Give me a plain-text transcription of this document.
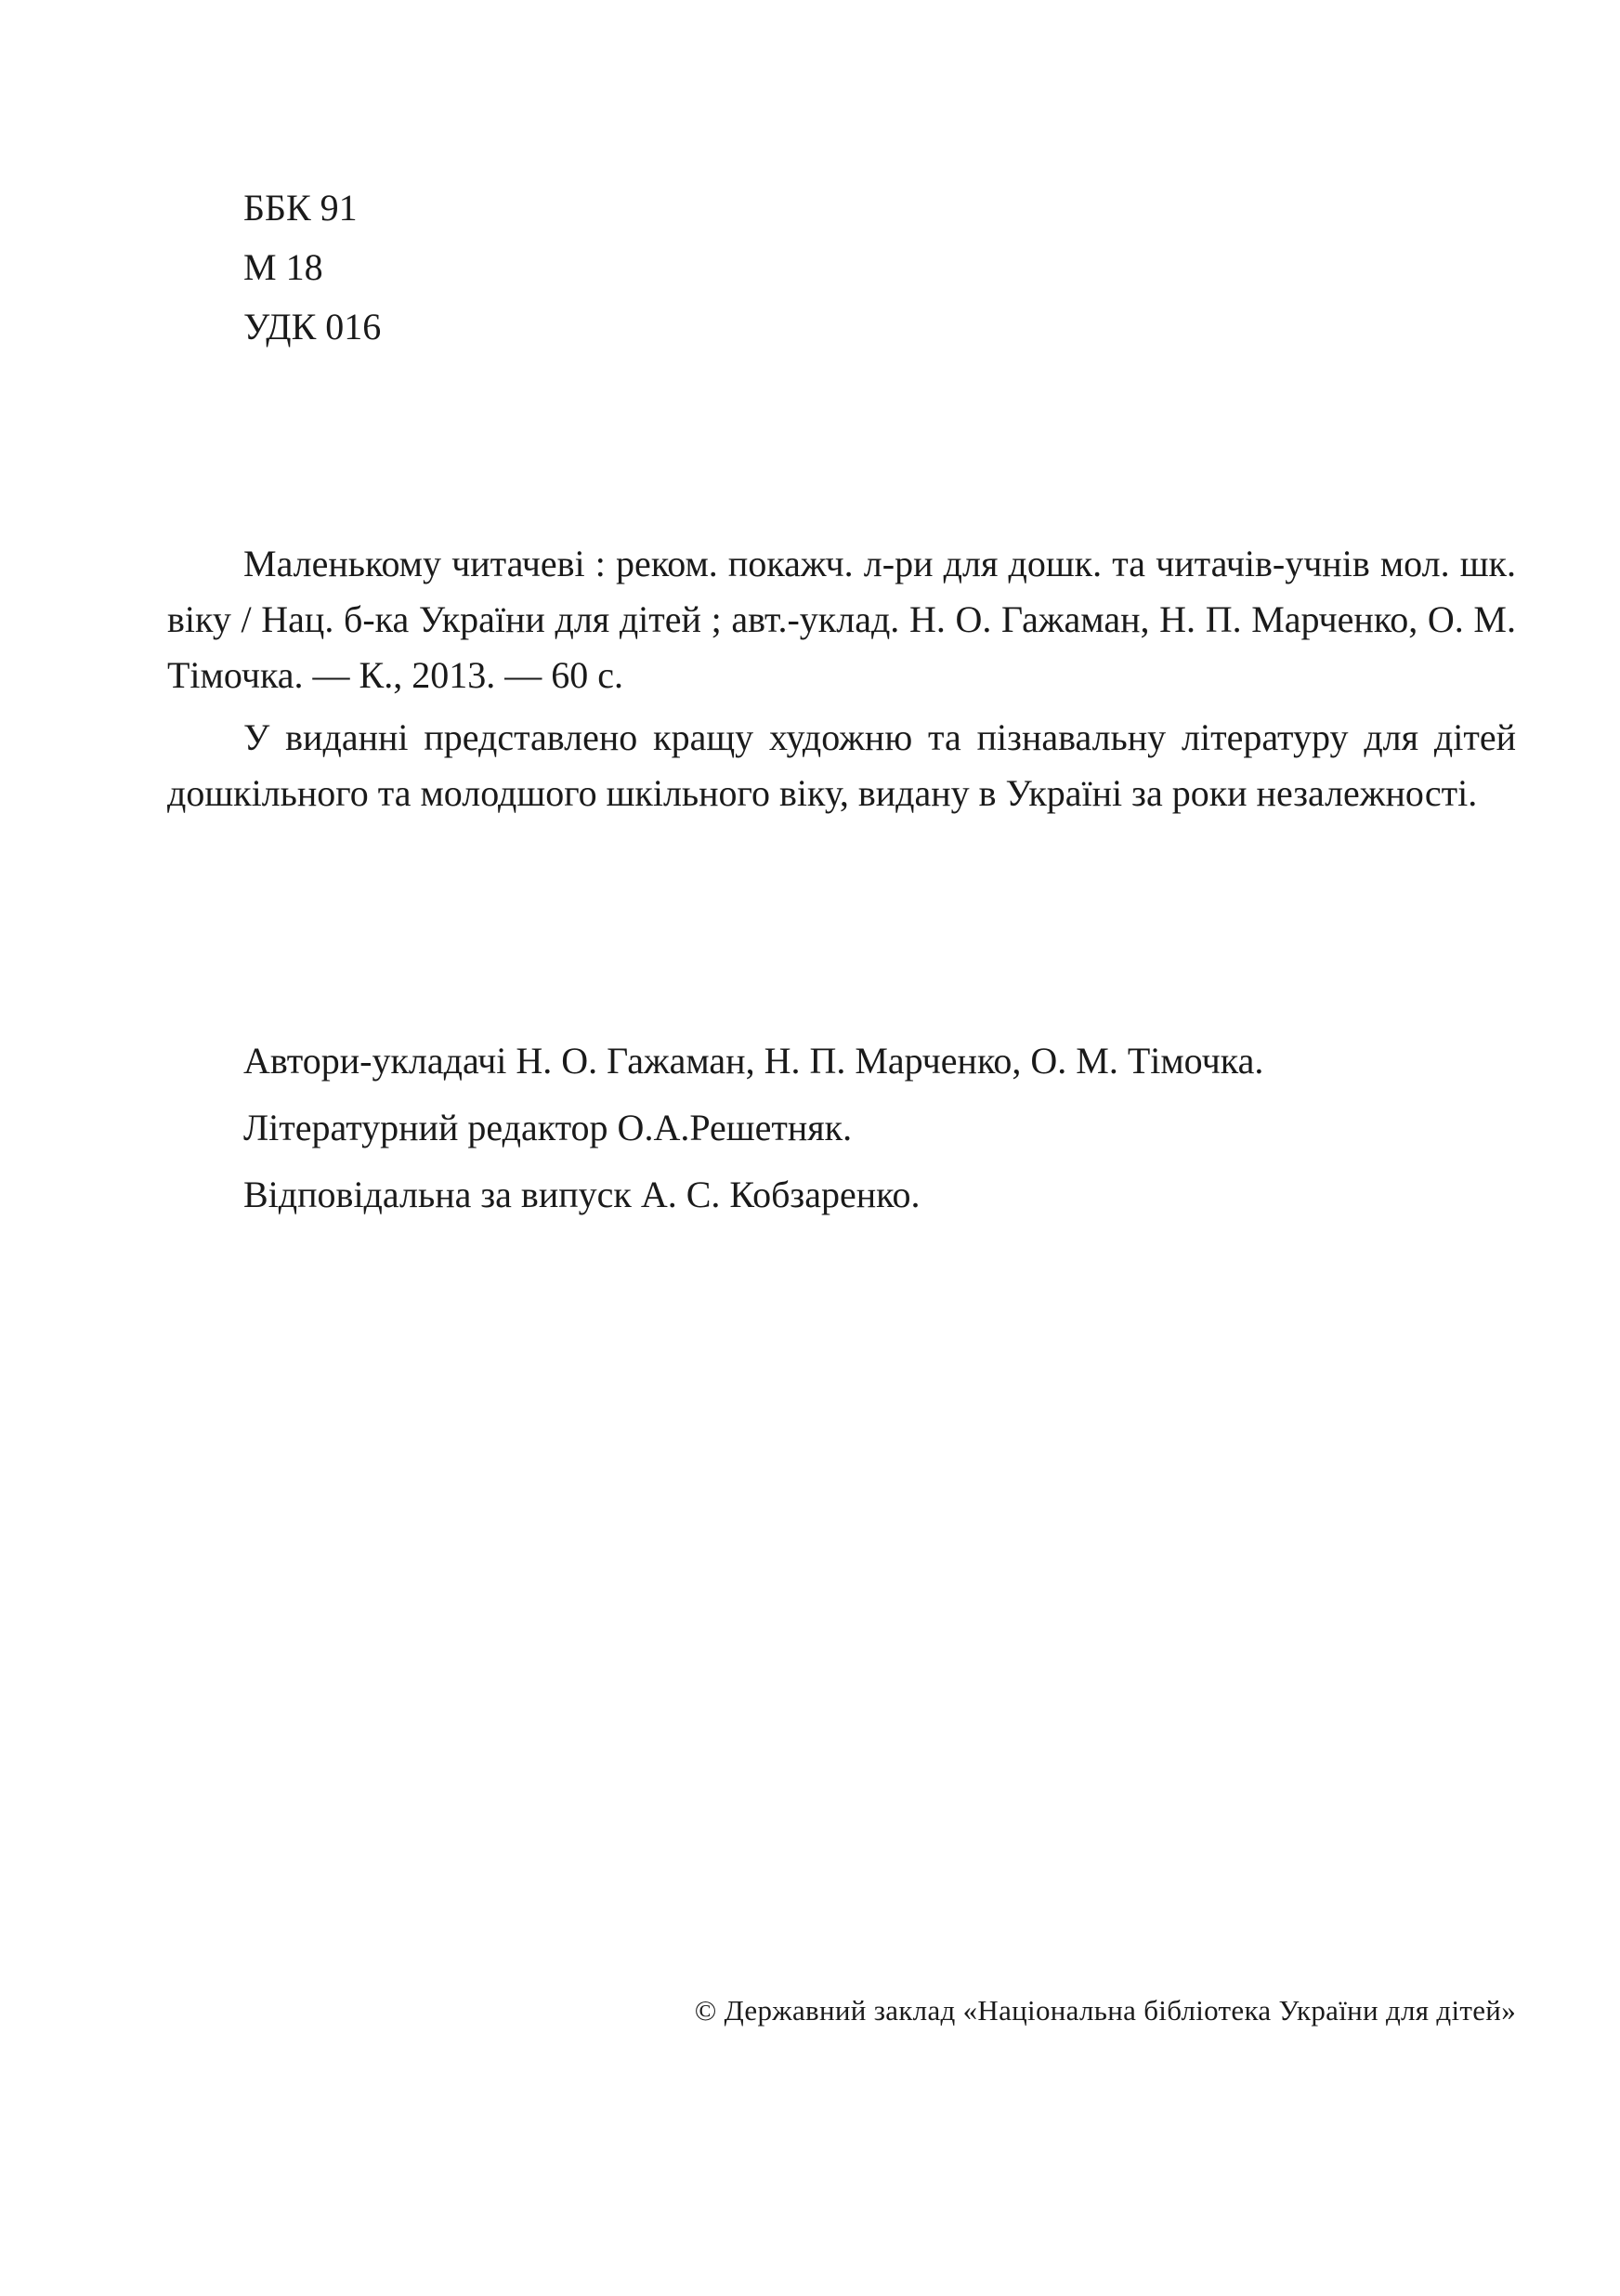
ББК 91
М 18
УДК 016

Маленькому читачеві : реком. покажч. л-ри для дошк. та читачів-учнів мол. шк. віку / Нац. б-ка України для дітей ; авт.-уклад. Н. О. Гажаман, Н. П. Марченко, О. М. Тімочка. — К., 2013. — 60 с.

У виданні представлено кращу художню та пізнавальну літературу для дітей дошкільного та молодшого шкільного віку, видану в Україні за роки незалежності.

Автори-укладачі Н. О. Гажаман, Н. П. Марченко, О. М. Тімочка.
Літературний редактор О.А.Решетняк.
Відповідальна за випуск А. С. Кобзаренко.
© Державний заклад «Національна бібліотека України для дітей»
